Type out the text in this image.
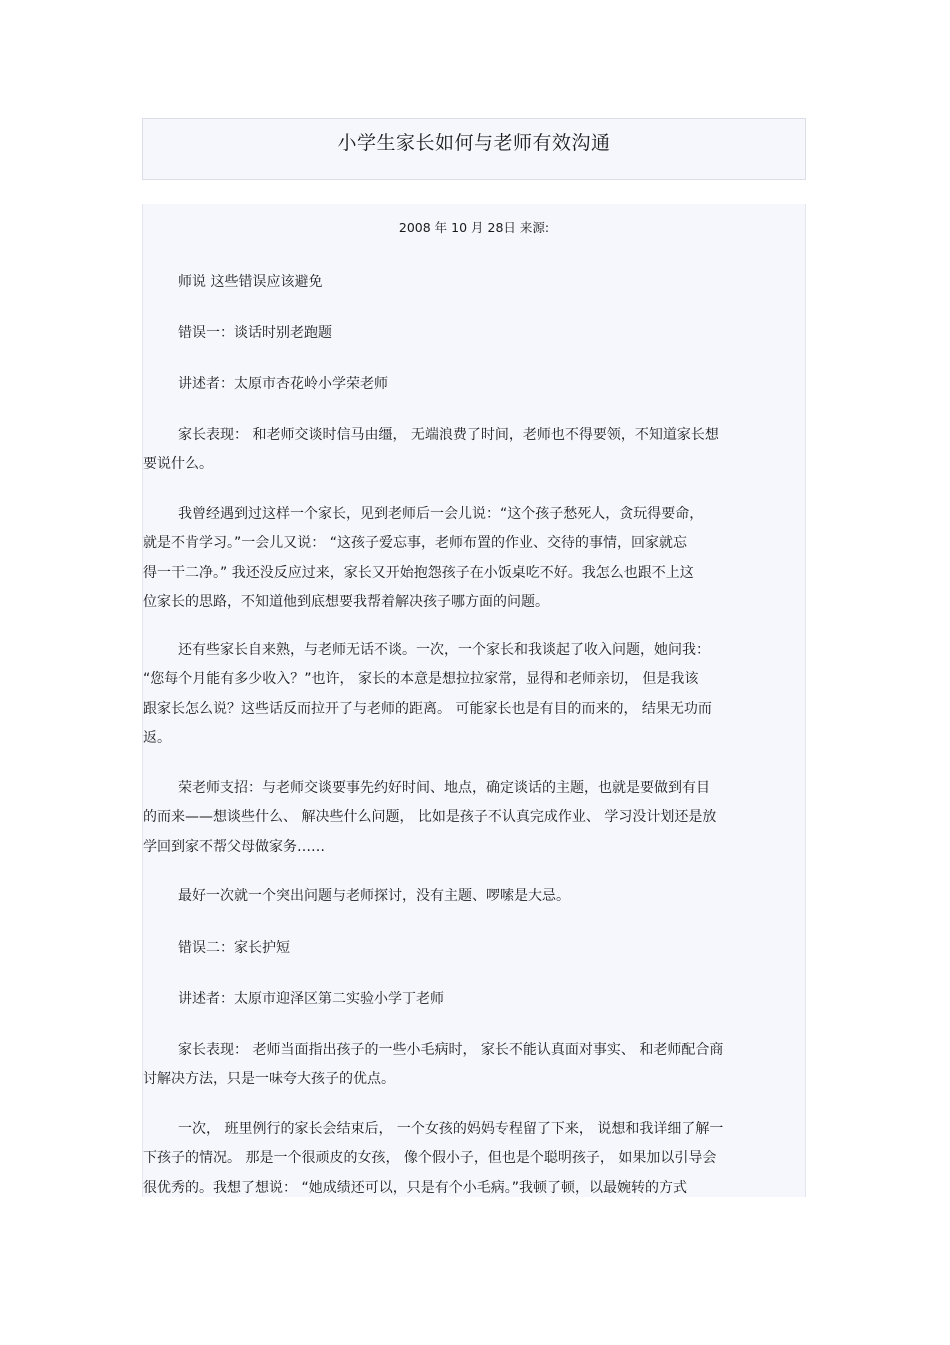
小学生家长如何与老师有效沟通
2008 年 10 月 28日 来源:
师说 这些错误应该避免
错误一：谈话时别老跑题
讲述者：太原市杏花岭小学荣老师
家长表现： 和老师交谈时信马由缰， 无端浪费了时间，老师也不得要领，不知道家长想
要说什么。
我曾经遇到过这样一个家长，见到老师后一会儿说：“这个孩子愁死人，贪玩得要命，
就是不肯学习。”一会儿又说： “这孩子爱忘事，老师布置的作业、交待的事情，回家就忘
得一干二净。” 我还没反应过来，家长又开始抱怨孩子在小饭桌吃不好。我怎么也跟不上这
位家长的思路，不知道他到底想要我帮着解决孩子哪方面的问题。
还有些家长自来熟，与老师无话不谈。一次，一个家长和我谈起了收入问题，她问我：
“您每个月能有多少收入？”也许， 家长的本意是想拉拉家常，显得和老师亲切， 但是我该
跟家长怎么说？这些话反而拉开了与老师的距离。 可能家长也是有目的而来的， 结果无功而
返。
荣老师支招：与老师交谈要事先约好时间、地点，确定谈话的主题，也就是要做到有目
的而来——想谈些什么、 解决些什么问题， 比如是孩子不认真完成作业、 学习没计划还是放
学回到家不帮父母做家务……
最好一次就一个突出问题与老师探讨，没有主题、啰嗦是大忌。
错误二：家长护短
讲述者：太原市迎泽区第二实验小学丁老师
家长表现： 老师当面指出孩子的一些小毛病时， 家长不能认真面对事实、 和老师配合商
讨解决方法，只是一味夸大孩子的优点。
一次， 班里例行的家长会结束后， 一个女孩的妈妈专程留了下来， 说想和我详细了解一
下孩子的情况。 那是一个很顽皮的女孩， 像个假小子，但也是个聪明孩子， 如果加以引导会
很优秀的。我想了想说： “她成绩还可以，只是有个小毛病。”我顿了顿，以最婉转的方式
